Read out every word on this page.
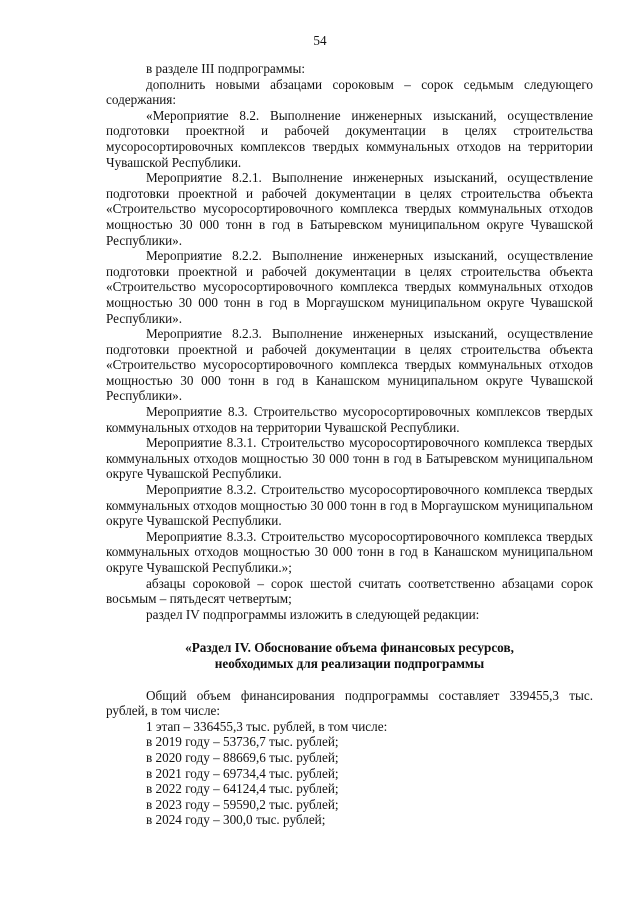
54

в разделе III подпрограммы:

дополнить новыми абзацами сороковым – сорок седьмым следующего содержания:

«Мероприятие 8.2. Выполнение инженерных изысканий, осуществление подготовки проектной и рабочей документации в целях строительства мусоросортировочных комплексов твердых коммунальных отходов на территории Чувашской Республики.

Мероприятие 8.2.1. Выполнение инженерных изысканий, осуществление подготовки проектной и рабочей документации в целях строительства объекта «Строительство мусоросортировочного комплекса твердых коммунальных отходов мощностью 30 000 тонн в год в Батыревском муниципальном округе Чувашской Республики».

Мероприятие 8.2.2. Выполнение инженерных изысканий, осуществление подготовки проектной и рабочей документации в целях строительства объекта «Строительство мусоросортировочного комплекса твердых коммунальных отходов мощностью 30 000 тонн в год в Моргаушском муниципальном округе Чувашской Республики».

Мероприятие 8.2.3. Выполнение инженерных изысканий, осуществление подготовки проектной и рабочей документации в целях строительства объекта «Строительство мусоросортировочного комплекса твердых коммунальных отходов мощностью 30 000 тонн в год в Канашском муниципальном округе Чувашской Республики».

Мероприятие 8.3. Строительство мусоросортировочных комплексов твердых коммунальных отходов на территории Чувашской Республики.

Мероприятие 8.3.1. Строительство мусоросортировочного комплекса твердых коммунальных отходов мощностью 30 000 тонн в год в Батыревском муниципальном округе Чувашской Республики.

Мероприятие 8.3.2. Строительство мусоросортировочного комплекса твердых коммунальных отходов мощностью 30 000 тонн в год в Моргаушском муниципальном округе Чувашской Республики.

Мероприятие 8.3.3. Строительство мусоросортировочного комплекса твердых коммунальных отходов мощностью 30 000 тонн в год в Канашском муниципальном округе Чувашской Республики.»;

абзацы сороковой – сорок шестой считать соответственно абзацами сорок восьмым – пятьдесят четвертым;

раздел IV подпрограммы изложить в следующей редакции:

«Раздел IV. Обоснование объема финансовых ресурсов,
необходимых для реализации подпрограммы

Общий объем финансирования подпрограммы составляет 339455,3 тыс. рублей, в том числе:

1 этап – 336455,3 тыс. рублей, в том числе:

в 2019 году – 53736,7 тыс. рублей;

в 2020 году – 88669,6 тыс. рублей;

в 2021 году – 69734,4 тыс. рублей;

в 2022 году – 64124,4 тыс. рублей;

в 2023 году – 59590,2 тыс. рублей;

в 2024 году – 300,0 тыс. рублей;
